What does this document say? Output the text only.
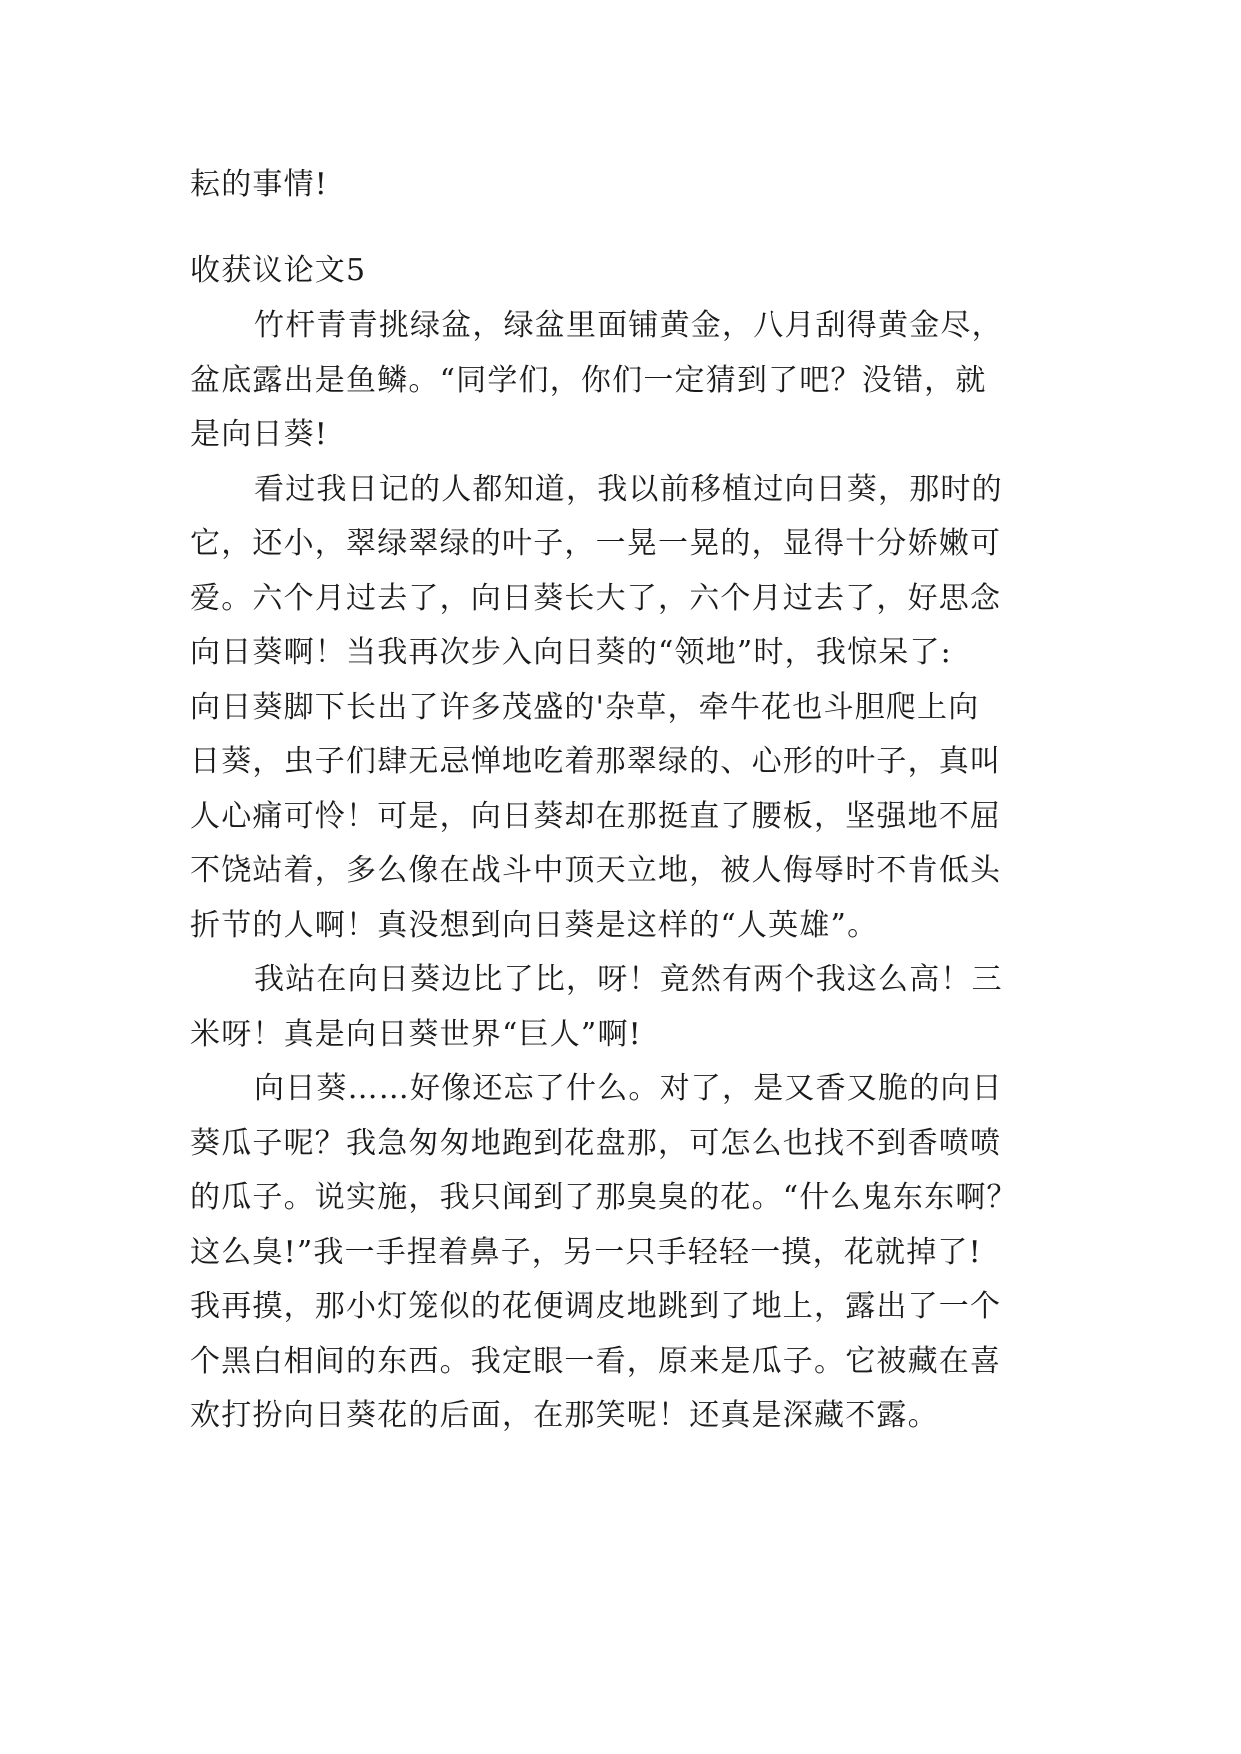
耘的事情!
收获议论文5
竹杆青青挑绿盆，绿盆里面铺黄金，八月刮得黄金尽，
盆底露出是鱼鳞。“同学们，你们一定猜到了吧？没错，就
是向日葵!
看过我日记的人都知道，我以前移植过向日葵，那时的
它，还小，翠绿翠绿的叶子，一晃一晃的，显得十分娇嫩可
爱。六个月过去了，向日葵长大了，六个月过去了，好思念
向日葵啊！当我再次步入向日葵的“领地”时，我惊呆了:
向日葵脚下长出了许多茂盛的'杂草，牵牛花也斗胆爬上向
日葵，虫子们肆无忌惮地吃着那翠绿的、心形的叶子，真叫
人心痛可怜！可是，向日葵却在那挺直了腰板，坚强地不屈
不饶站着，多么像在战斗中顶天立地，被人侮辱时不肯低头
折节的人啊！真没想到向日葵是这样的“人英雄”。
我站在向日葵边比了比，呀！竟然有两个我这么高！三
米呀！真是向日葵世界“巨人”啊!
向日葵……好像还忘了什么。对了，是又香又脆的向日
葵瓜子呢？我急匆匆地跑到花盘那，可怎么也找不到香喷喷
的瓜子。说实施，我只闻到了那臭臭的花。“什么鬼东东啊？
这么臭!”我一手捏着鼻子，另一只手轻轻一摸，花就掉了!
我再摸，那小灯笼似的花便调皮地跳到了地上，露出了一个
个黑白相间的东西。我定眼一看，原来是瓜子。它被藏在喜
欢打扮向日葵花的后面，在那笑呢！还真是深藏不露。
